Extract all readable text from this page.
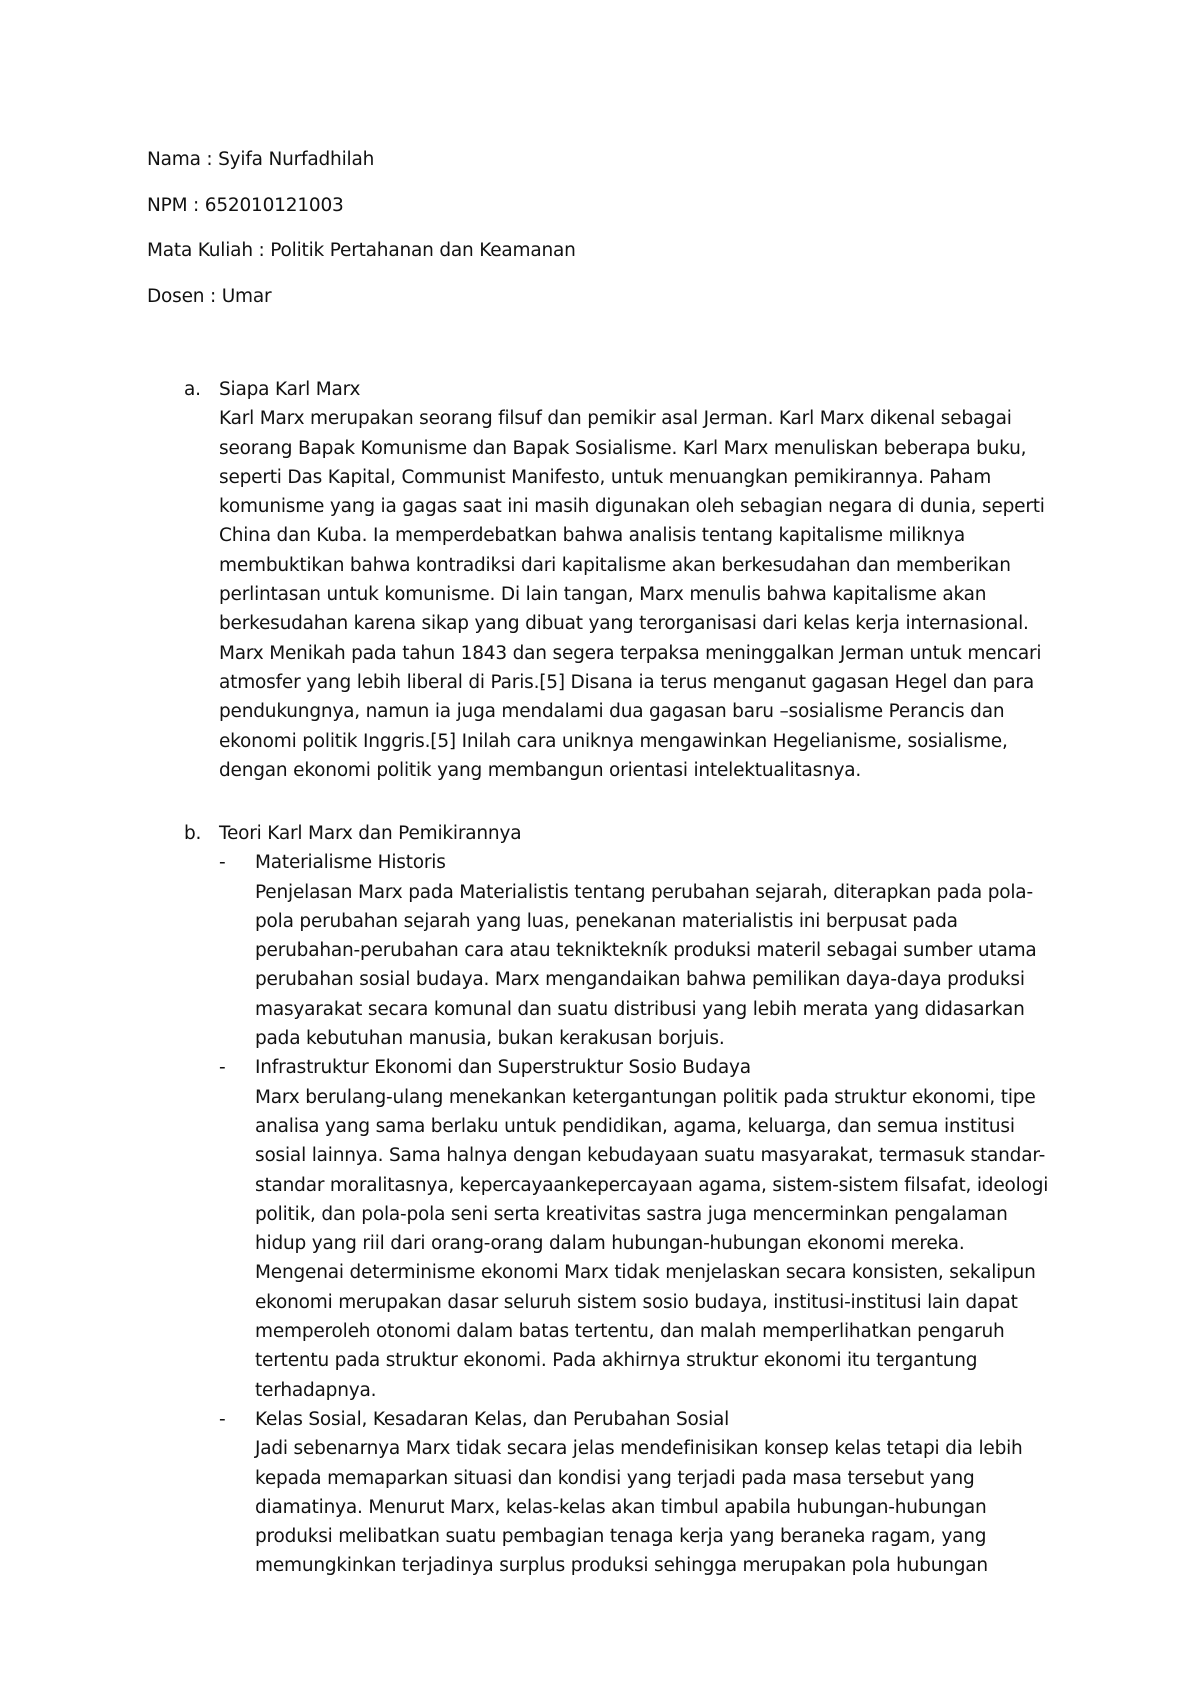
Nama : Syifa Nurfadhilah

NPM : 652010121003

Mata Kuliah : Politik Pertahanan dan Keamanan

Dosen : Umar

a. Siapa Karl Marx

Karl Marx merupakan seorang filsuf dan pemikir asal Jerman. Karl Marx dikenal sebagai seorang Bapak Komunisme dan Bapak Sosialisme. Karl Marx menuliskan beberapa buku, seperti Das Kapital, Communist Manifesto, untuk menuangkan pemikirannya. Paham komunisme yang ia gagas saat ini masih digunakan oleh sebagian negara di dunia, seperti China dan Kuba. Ia memperdebatkan bahwa analisis tentang kapitalisme miliknya membuktikan bahwa kontradiksi dari kapitalisme akan berkesudahan dan memberikan perlintasan untuk komunisme. Di lain tangan, Marx menulis bahwa kapitalisme akan berkesudahan karena sikap yang dibuat yang terorganisasi dari kelas kerja internasional. Marx Menikah pada tahun 1843 dan segera terpaksa meninggalkan Jerman untuk mencari atmosfer yang lebih liberal di Paris.[5] Disana ia terus menganut gagasan Hegel dan para pendukungnya, namun ia juga mendalami dua gagasan baru –sosialisme Perancis dan ekonomi politik Inggris.[5] Inilah cara uniknya mengawinkan Hegelianisme, sosialisme, dengan ekonomi politik yang membangun orientasi intelektualitasnya.

b. Teori Karl Marx dan Pemikirannya

- Materialisme Historis

Penjelasan Marx pada Materialistis tentang perubahan sejarah, diterapkan pada pola-pola perubahan sejarah yang luas, penekanan materialistis ini berpusat pada perubahan-perubahan cara atau tekniktekník produksi materil sebagai sumber utama perubahan sosial budaya. Marx mengandaikan bahwa pemilikan daya-daya produksi masyarakat secara komunal dan suatu distribusi yang lebih merata yang didasarkan pada kebutuhan manusia, bukan kerakusan borjuis.

- Infrastruktur Ekonomi dan Superstruktur Sosio Budaya

Marx berulang-ulang menekankan ketergantungan politik pada struktur ekonomi, tipe analisa yang sama berlaku untuk pendidikan, agama, keluarga, dan semua institusi sosial lainnya. Sama halnya dengan kebudayaan suatu masyarakat, termasuk standar-standar moralitasnya, kepercayaankepercayaan agama, sistem-sistem filsafat, ideologi politik, dan pola-pola seni serta kreativitas sastra juga mencerminkan pengalaman hidup yang riil dari orang-orang dalam hubungan-hubungan ekonomi mereka. Mengenai determinisme ekonomi Marx tidak menjelaskan secara konsisten, sekalipun ekonomi merupakan dasar seluruh sistem sosio budaya, institusi-institusi lain dapat memperoleh otonomi dalam batas tertentu, dan malah memperlihatkan pengaruh tertentu pada struktur ekonomi. Pada akhirnya struktur ekonomi itu tergantung terhadapnya.

- Kelas Sosial, Kesadaran Kelas, dan Perubahan Sosial

Jadi sebenarnya Marx tidak secara jelas mendefinisikan konsep kelas tetapi dia lebih kepada memaparkan situasi dan kondisi yang terjadi pada masa tersebut yang diamatinya. Menurut Marx, kelas-kelas akan timbul apabila hubungan-hubungan produksi melibatkan suatu pembagian tenaga kerja yang beraneka ragam, yang memungkinkan terjadinya surplus produksi sehingga merupakan pola hubungan
